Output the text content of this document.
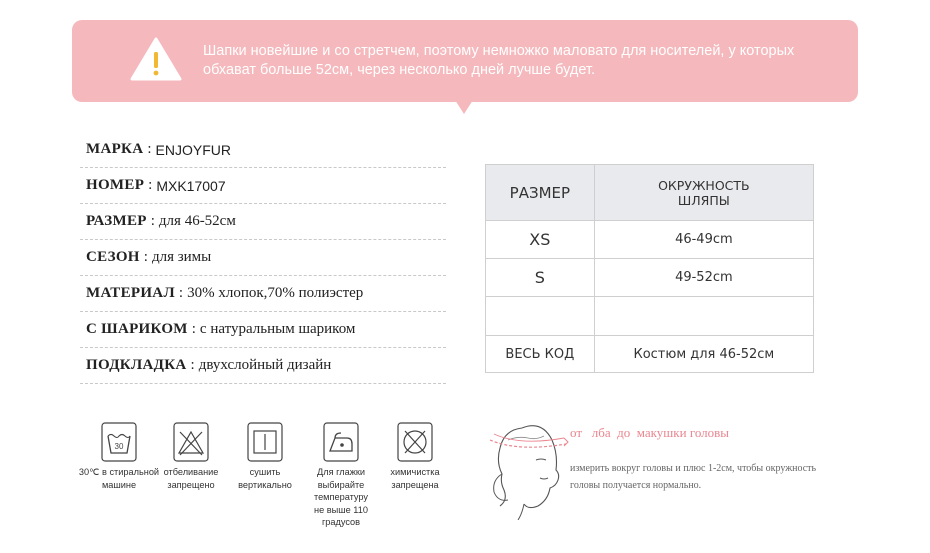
Шапки новейшие и со стретчем, поэтому немножко маловато для носителей, у которых
обхават больше 52см, через несколько дней лучше будет.
МАРКА : ENJOYFUR
НОМЕР : MXK17007
РАЗМЕР : для 46-52см
СЕЗОН : для зимы
МАТЕРИАЛ : 30% хлопок,70% полиэстер
С ШАРИКОМ : с натуральным шариком
ПОДКЛАДКА : двухслойный дизайн
РАЗМЕР	ОКРУЖНОСТЬ
ШЛЯПЫ

XS	46-49cm
S	49-52cm

ВЕСЬ КОД	Костюм для 46-52см
30
30℃ в стиральной
машине
отбеливание
запрещено
сушить
вертикально
Для глажки
выбирайте
температуру
не выше 110 градусов
химичистка
запрещена
от   лба  до  макушки головы
измерить вокруг головы и плюс 1-2см, чтобы окружность
головы получается нормально.
